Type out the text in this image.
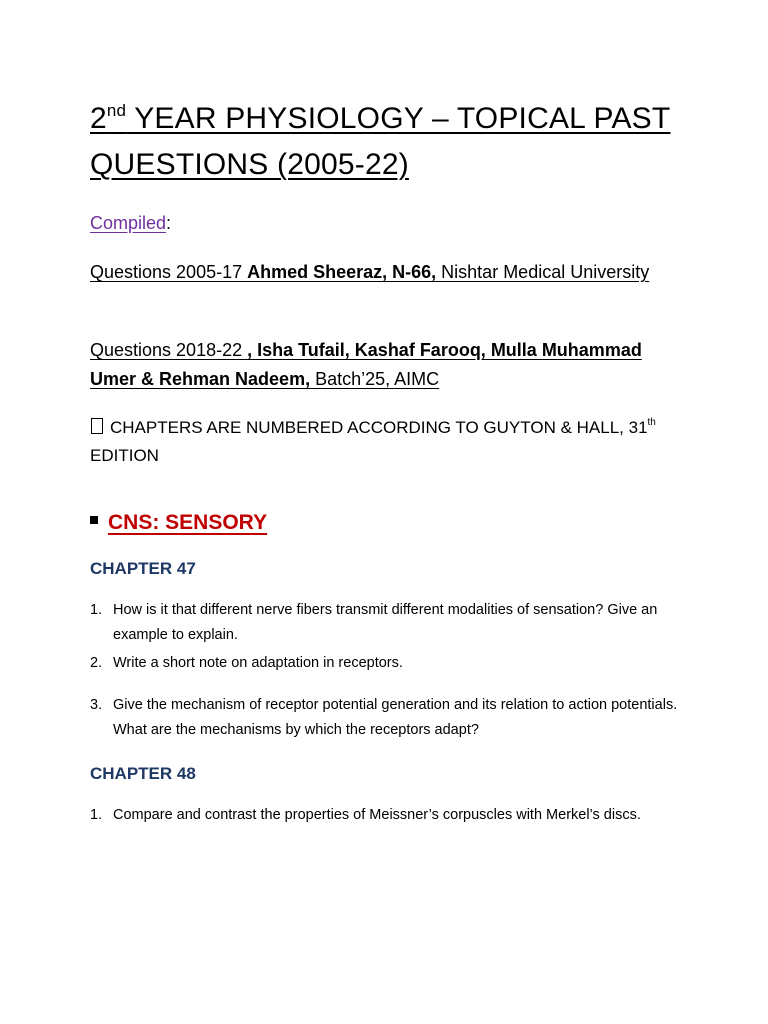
2nd YEAR PHYSIOLOGY – TOPICAL PAST QUESTIONS (2005-22)
Compiled:
Questions 2005-17 Ahmed Sheeraz, N-66, Nishtar Medical University
Questions 2018-22 , Isha Tufail, Kashaf Farooq, Mulla Muhammad Umer & Rehman Nadeem, Batch’25, AIMC
CHAPTERS ARE NUMBERED ACCORDING TO GUYTON & HALL, 31th EDITION
CNS: SENSORY
CHAPTER 47
1. How is it that different nerve fibers transmit different modalities of sensation? Give an example to explain.
2. Write a short note on adaptation in receptors.
3. Give the mechanism of receptor potential generation and its relation to action potentials. What are the mechanisms by which the receptors adapt?
CHAPTER 48
1. Compare and contrast the properties of Meissner’s corpuscles with Merkel’s discs.
